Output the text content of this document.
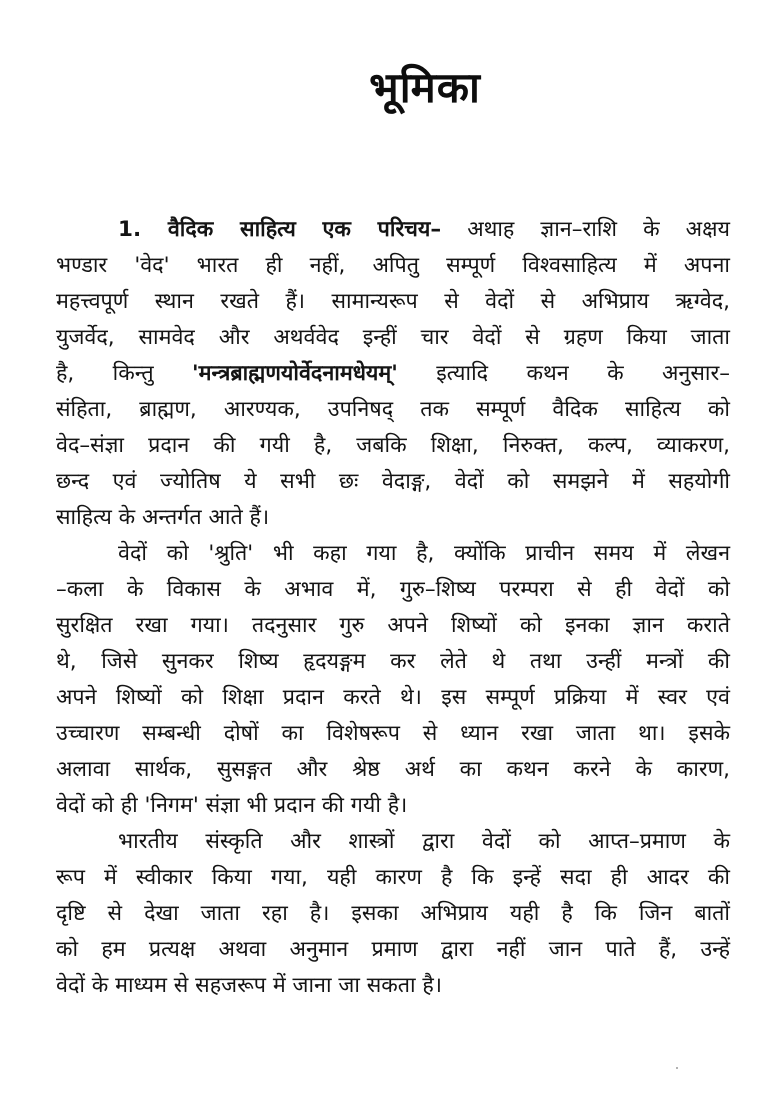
भूमिका
1. वैदिक साहित्य एक परिचय– अथाह ज्ञान–राशि के अक्षय
भण्डार 'वेद' भारत ही नहीं, अपितु सम्पूर्ण विश्वसाहित्य में अपना
महत्त्वपूर्ण स्थान रखते हैं। सामान्यरूप से वेदों से अभिप्राय ऋग्वेद,
युजर्वेद, सामवेद और अथर्ववेद इन्हीं चार वेदों से ग्रहण किया जाता
है, किन्तु 'मन्त्रब्राह्मणयोर्वेदनामधेयम्' इत्यादि कथन के अनुसार–
संहिता, ब्राह्मण, आरण्यक, उपनिषद् तक सम्पूर्ण वैदिक साहित्य को
वेद–संज्ञा प्रदान की गयी है, जबकि शिक्षा, निरुक्त, कल्प, व्याकरण,
छन्द एवं ज्योतिष ये सभी छः वेदाङ्ग, वेदों को समझने में सहयोगी
साहित्य के अन्तर्गत आते हैं।
वेदों को 'श्रुति' भी कहा गया है, क्योंकि प्राचीन समय में लेखन
–कला के विकास के अभाव में, गुरु–शिष्य परम्परा से ही वेदों को
सुरक्षित रखा गया। तदनुसार गुरु अपने शिष्यों को इनका ज्ञान कराते
थे, जिसे सुनकर शिष्य हृदयङ्गम कर लेते थे तथा उन्हीं मन्त्रों की
अपने शिष्यों को शिक्षा प्रदान करते थे। इस सम्पूर्ण प्रक्रिया में स्वर एवं
उच्चारण सम्बन्धी दोषों का विशेषरूप से ध्यान रखा जाता था। इसके
अलावा सार्थक, सुसङ्गत और श्रेष्ठ अर्थ का कथन करने के कारण,
वेदों को ही 'निगम' संज्ञा भी प्रदान की गयी है।
भारतीय संस्कृति और शास्त्रों द्वारा वेदों को आप्त–प्रमाण के
रूप में स्वीकार किया गया, यही कारण है कि इन्हें सदा ही आदर की
दृष्टि से देखा जाता रहा है। इसका अभिप्राय यही है कि जिन बातों
को हम प्रत्यक्ष अथवा अनुमान प्रमाण द्वारा नहीं जान पाते हैं, उन्हें
वेदों के माध्यम से सहजरूप में जाना जा सकता है।
